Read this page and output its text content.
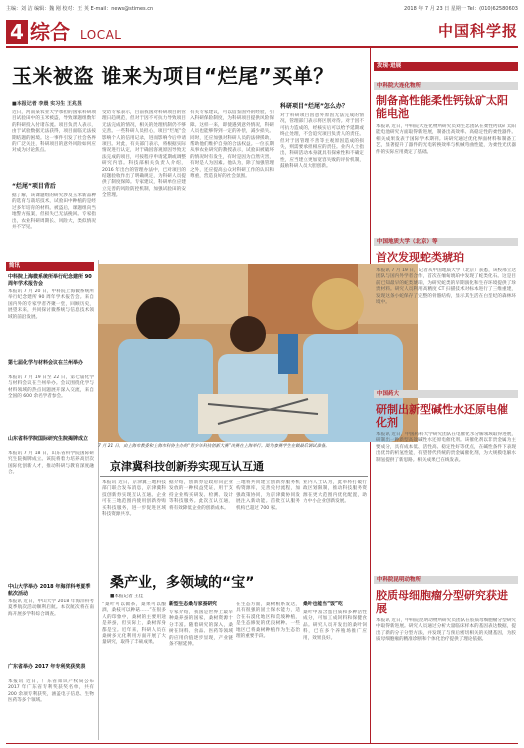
主编：刘 洁 编辑：魏 刚 校对：王 英 E-mail：news@stimes.cn	2018 年 7 月 23 日 星期一 Tel：(010)62580603
4 综合 LOCAL	中国科学报
玉米被盗 谁来为项目“烂尾”买单？
■本报记者 李晨 实习生 王兆昱
近日，河南某农业大学承担的国家科研项目试验田中的玉米被盗，导致课题组数年的科研投入付诸东流。项目负责人表示，由于试验数据无法获得，项目面临无法按期结题的困境。这一事件引发了社会各界的广泛关注，科研项目的意外风险如何应对成为讨论焦点。
“烂尾”项目背后
据了解，该课题组的研究涉及玉米新品种的选育与栽培技术，试验田中种植的是经过多年培育的材料。被盗后，课题组向当地警方报案，但损失已无法挽回。专家指出，农业科研周期长、风险大，类似情况并不罕见。
受访专家表示，目前我国对科研项目的管理日趋规范，但对于因不可抗力导致项目无法完成的情况，相关的处理机制仍不够完善。一些科研人员担心，项目“烂尾”会影响个人的信用记录，进而影响今后申请项目。对此，有关部门表示，将根据实际情况进行认定，对于确因客观原因导致无法完成的项目，可按程序申请延期或调整研究内容。科技部相关负责人介绍，2016 年出台的管理办法中，已对项目的结题验收作出了明确规定，为科研人员提供了制度保障。专家建议，科研单位应建立完善的风险防控机制，加强试验田的安全管理。
有关专家建议，可以借鉴国外的经验，引入科研保险制度，为科研项目提供风险保障。这样一来，即使遇到意外情况，科研人员也能够得到一定的补偿，减少损失。同时，还应加强对科研人员的法律援助，帮助他们维护自身的合法权益。一位长期从事农业研究的教授表示，试验田被破坏的情况时有发生，有时是因为自然灾害，有时是人为因素。他认为，除了加强管理之外，还应提高公众对科研工作的认识和尊重，营造良好的社会氛围。
科研项目“烂尾”怎么办？
对于科研项目因意外原因无法完成的情况，管理部门表示将区别对待。对于因不可抗力造成的，经核实后可以给予延期或终止处理，不会追究项目负责人的责任。但对于因管理不善等主观原因造成的损失，则需要承担相应的责任。业内人士指出，科研活动本身就具有探索性和不确定性，应当建立更加宽容失败的评价机制，鼓励科研人员大胆创新。
简讯
中科院上海微系统所举行纪念建所 90 周年学术报告会
本报讯 7 月 20 日，中科院上海微系统所举行纪念建所 90 周年学术报告会。来自国内外的专家学者齐聚一堂，回顾历史，展望未来，共同探讨微系统与信息技术领域的前沿发展。
第七届化学与材料会议在兰州举办
本报讯 7 月 19 日至 22 日，第七届化学与材料会议在兰州举办。会议围绕化学与材料领域的热点问题展开深入交流，来自全国的 600 余名学者参会。
山东省科学院国际研究生院揭牌成立
本报讯 7 月 18 日，山东省科学院国际研究生院揭牌成立。该院将着力培养高层次国际化创新人才，推动科研与教育深度融合。
中山大学举办 2018 年海洋科考夏季航次活动
本报讯 近日，中山大学 2018 年海洋科考夏季航次活动顺利启航。本次航次将在南海开展多学科综合调查。
广东省举办 2017 年专利奖获奖表
本报讯 近日，广东省知识产权局公布 2017 年广东省专利奖获奖名单，共有 200 余项专利获奖，涵盖电子信息、生物医药等多个领域。
7 月 21 日，由上海市教委和上海市科协主办的“青少年科技创新大赛”决赛在上海举行。图为参赛学生在做最后调试准备。
京津冀科技创新券实现互认互通
本报讯 近日，京津冀三地科技部门联合发布消息，京津冀科技创新券实现互认互通。企业可在三地范围内使用创新券购买科技服务，进一步促进区域科技资源共享。
据介绍，创新券是政府向企业发放的一种权益凭证，用于支持企业购买研发、检测、设计等科技服务。此次互认互通，将有效降低企业的创新成本。
三地将共同建立创新券服务机构资源库，完善兑付流程，加强政策协同，为京津冀协同发展注入新动能。首批互认服务机构已超过 700 家。
业内人士认为，此举将打破行政区划限制，推动科技服务资源在更大范围内优化配置，助力中小企业创新发展。
桑产业，多领域的“宝”
■本报记者 王佳
“桑叶可以做茶，桑果可以酿酒，桑枝可以种菇……”在很多人的印象中，桑树的主要用途是养蚕，但实际上，桑树浑身都是宝。近年来，科研人员在桑树多元化利用方面开展了大量研究，取得了丰硕成果。
新型生态桑与家蚕研究
专家介绍，我国是世界上最早种桑养蚕的国家，桑树资源十分丰富。随着研究的深入，桑树在饲料、食品、医药等领域的应用价值逐步显现，产业链条不断延伸。
在生态方面，桑树根系发达，具有很强的固土保水能力，适合在石漠化地区和荒坡种植，是生态修复的优良树种。一些地区已将桑树种植作为生态治理的重要手段。
桑叶也能当“饭”吃
桑叶中富含蛋白质和多种活性成分，可加工成饲料和保健食品。研究人员开发出的桑叶饲料，已在多个养殖场推广应用，效果良好。
发现·进展
中科院大连化物所
制备高性能柔性钙钛矿太阳能电池
本报讯 近日，中科院大连化物所研究员刘生忠团队在柔性钙钛矿太阳能电池研究方面取得新进展，制备出高效率、高稳定性的柔性器件。相关成果发表于国际学术期刊。该研究通过优化界面材料和制备工艺，显著提升了器件的光电转换效率与机械弯曲性能，为柔性光伏器件的实际应用奠定了基础。
中国地质大学（北京）等
首次发现蛇类琥珀
本报讯 7 月 19 日，记者从中国地质大学（北京）获悉，该校邢立达团队与国内外学者合作，首次在缅甸琥珀中发现了蛇类化石。这是目前已知最早的蛇类琥珀，为研究蛇类的早期演化和生存环境提供了珍贵材料。研究人员利用高精度 CT 扫描技术对标本进行了三维重建，发现这条小蛇保存了完整的骨骼结构，显示其生活在白垩纪的森林环境中。
中国药大
研制出新型碱性水还原电催化剂
本报讯 近日，中国药科大学研究团队在电催化水分解领域取得进展，研制出一种新型高效碱性水还原电催化剂。该催化剂以非贵金属为主要成分，具有成本低、活性高、稳定性好等优点，在碱性条件下表现出优异的析氢性能，有望替代传统的贵金属催化剂，为大规模电解水制氢提供了新思路。相关成果已在线发表。
中科院昆明动物所
胶质母细胞瘤分型研究获进展
本报讯 近日，中科院昆明动物所研究员团队在胶质母细胞瘤分型研究中取得新进展。研究人员通过分析大量临床样本的基因表达数据，提出了新的分子分型方法，并发现了与预后密切相关的关键基因，为胶质母细胞瘤的精准诊断和个体化治疗提供了理论依据。
